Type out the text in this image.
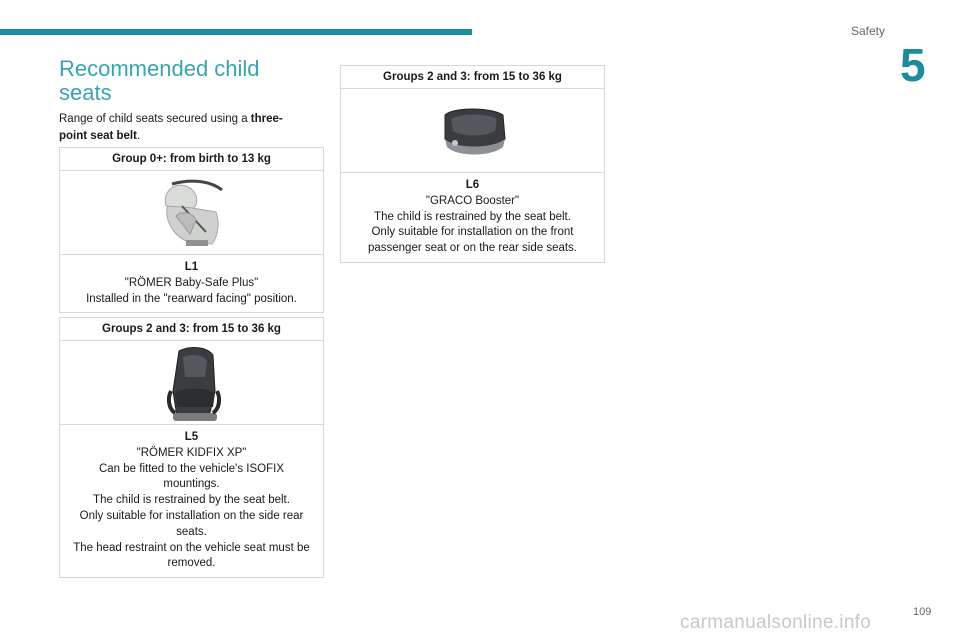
Safety
5
Recommended child seats
Range of child seats secured using a three-point seat belt.
Group 0+: from birth to 13 kg
L1
"RÖMER Baby-Safe Plus"
Installed in the "rearward facing" position.
Groups 2 and 3: from 15 to 36 kg
L5
"RÖMER KIDFIX XP"
Can be fitted to the vehicle's ISOFIX mountings.
The child is restrained by the seat belt.
Only suitable for installation on the side rear seats.
The head restraint on the vehicle seat must be removed.
Groups 2 and 3: from 15 to 36 kg
L6
"GRACO Booster"
The child is restrained by the seat belt.
Only suitable for installation on the front passenger seat or on the rear side seats.
109
carmanualsonline.info
